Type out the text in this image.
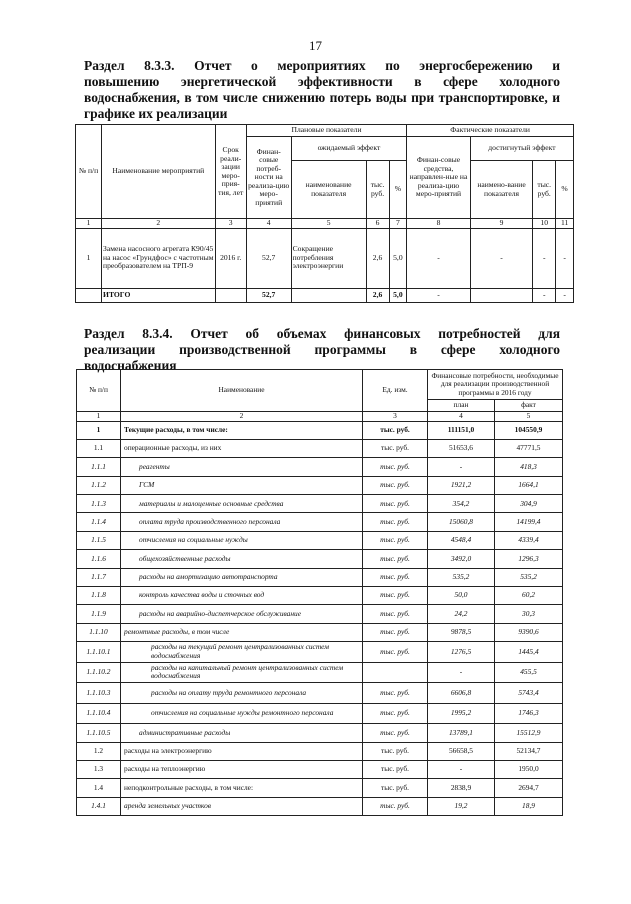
17
Раздел 8.3.3. Отчет о мероприятиях по энергосбережению и
повышению энергетической эффективности в сфере холодного
водоснабжения, в том числе снижению потерь воды при транспортировке, и
графике их реализации
№ п/п	Наименование мероприятий	Срок реали-зации меро-прия-тия, лет	Плановые показатели				Фактические показатели			
			Финан-совые потреб-ности на реализа-цию меро-приятий	ожидаемый эффект			Финан-совые средства, направлен-ные на реализа-цию меро-приятий	достигнутый эффект		
				наименование показателя	тыс. руб.	%		наимено-вание показателя	тыс. руб.	%
1	2	3	4	5	6	7	8	9	10	11
1	Замена насосного агрегата К90/45 на насос «Грундфос» с частотным преобразователем на ТРП-9	2016 г.	52,7	Сокращение потребления электроэнергии	2,6	5,0	-	-	-	-
	ИТОГО		52,7		2,6	5,0	-		-	-
Раздел 8.3.4. Отчет об объемах финансовых потребностей для
реализации производственной программы в сфере холодного
водоснабжения
№ п/п	Наименование	Ед. изм.	Финансовые потребности, необходимые для реализации производственной программы в 2016 году	
			план	факт
1	2	3	4	5
1	Текущие расходы, в том числе:	тыс. руб.	111151,0	104550,9
1.1	операционные расходы, из них	тыс. руб.	51653,6	47771,5
1.1.1	реагенты	тыс. руб.	-	418,3
1.1.2	ГСМ	тыс. руб.	1921,2	1664,1
1.1.3	материалы и малоценные основные средства	тыс. руб.	354,2	304,9
1.1.4	оплата труда производственного персонала	тыс. руб.	15060,8	14199,4
1.1.5	отчисления на социальные нужды	тыс. руб.	4548,4	4339,4
1.1.6	общехозяйственные расходы	тыс. руб.	3492,0	1296,3
1.1.7	расходы на амортизацию автотранспорта	тыс. руб.	535,2	535,2
1.1.8	контроль качества воды и сточных вод	тыс. руб.	50,0	60,2
1.1.9	расходы на аварийно-диспетчерское обслуживание	тыс. руб.	24,2	30,3
1.1.10	ремонтные расходы, в том числе	тыс. руб.	9878,5	9390,6
1.1.10.1	расходы на текущий ремонт централизованных систем водоснабжения	тыс. руб.	1276,5	1445,4
1.1.10.2	расходы на капитальный ремонт централизованных систем водоснабжения		-	455,5
1.1.10.3	расходы на оплату труда ремонтного персонала	тыс. руб.	6606,8	5743,4
1.1.10.4	отчисления на социальные нужды ремонтного персонала	тыс. руб.	1995,2	1746,3
1.1.10.5	административные расходы	тыс. руб.	13789,1	15512,9
1.2	расходы на электроэнергию	тыс. руб.	56658,5	52134,7
1.3	расходы на теплоэнергию	тыс. руб.	-	1950,0
1.4	неподконтрольные расходы, в том числе:	тыс. руб.	2838,9	2694,7
1.4.1	аренда земельных участков	тыс. руб.	19,2	18,9
